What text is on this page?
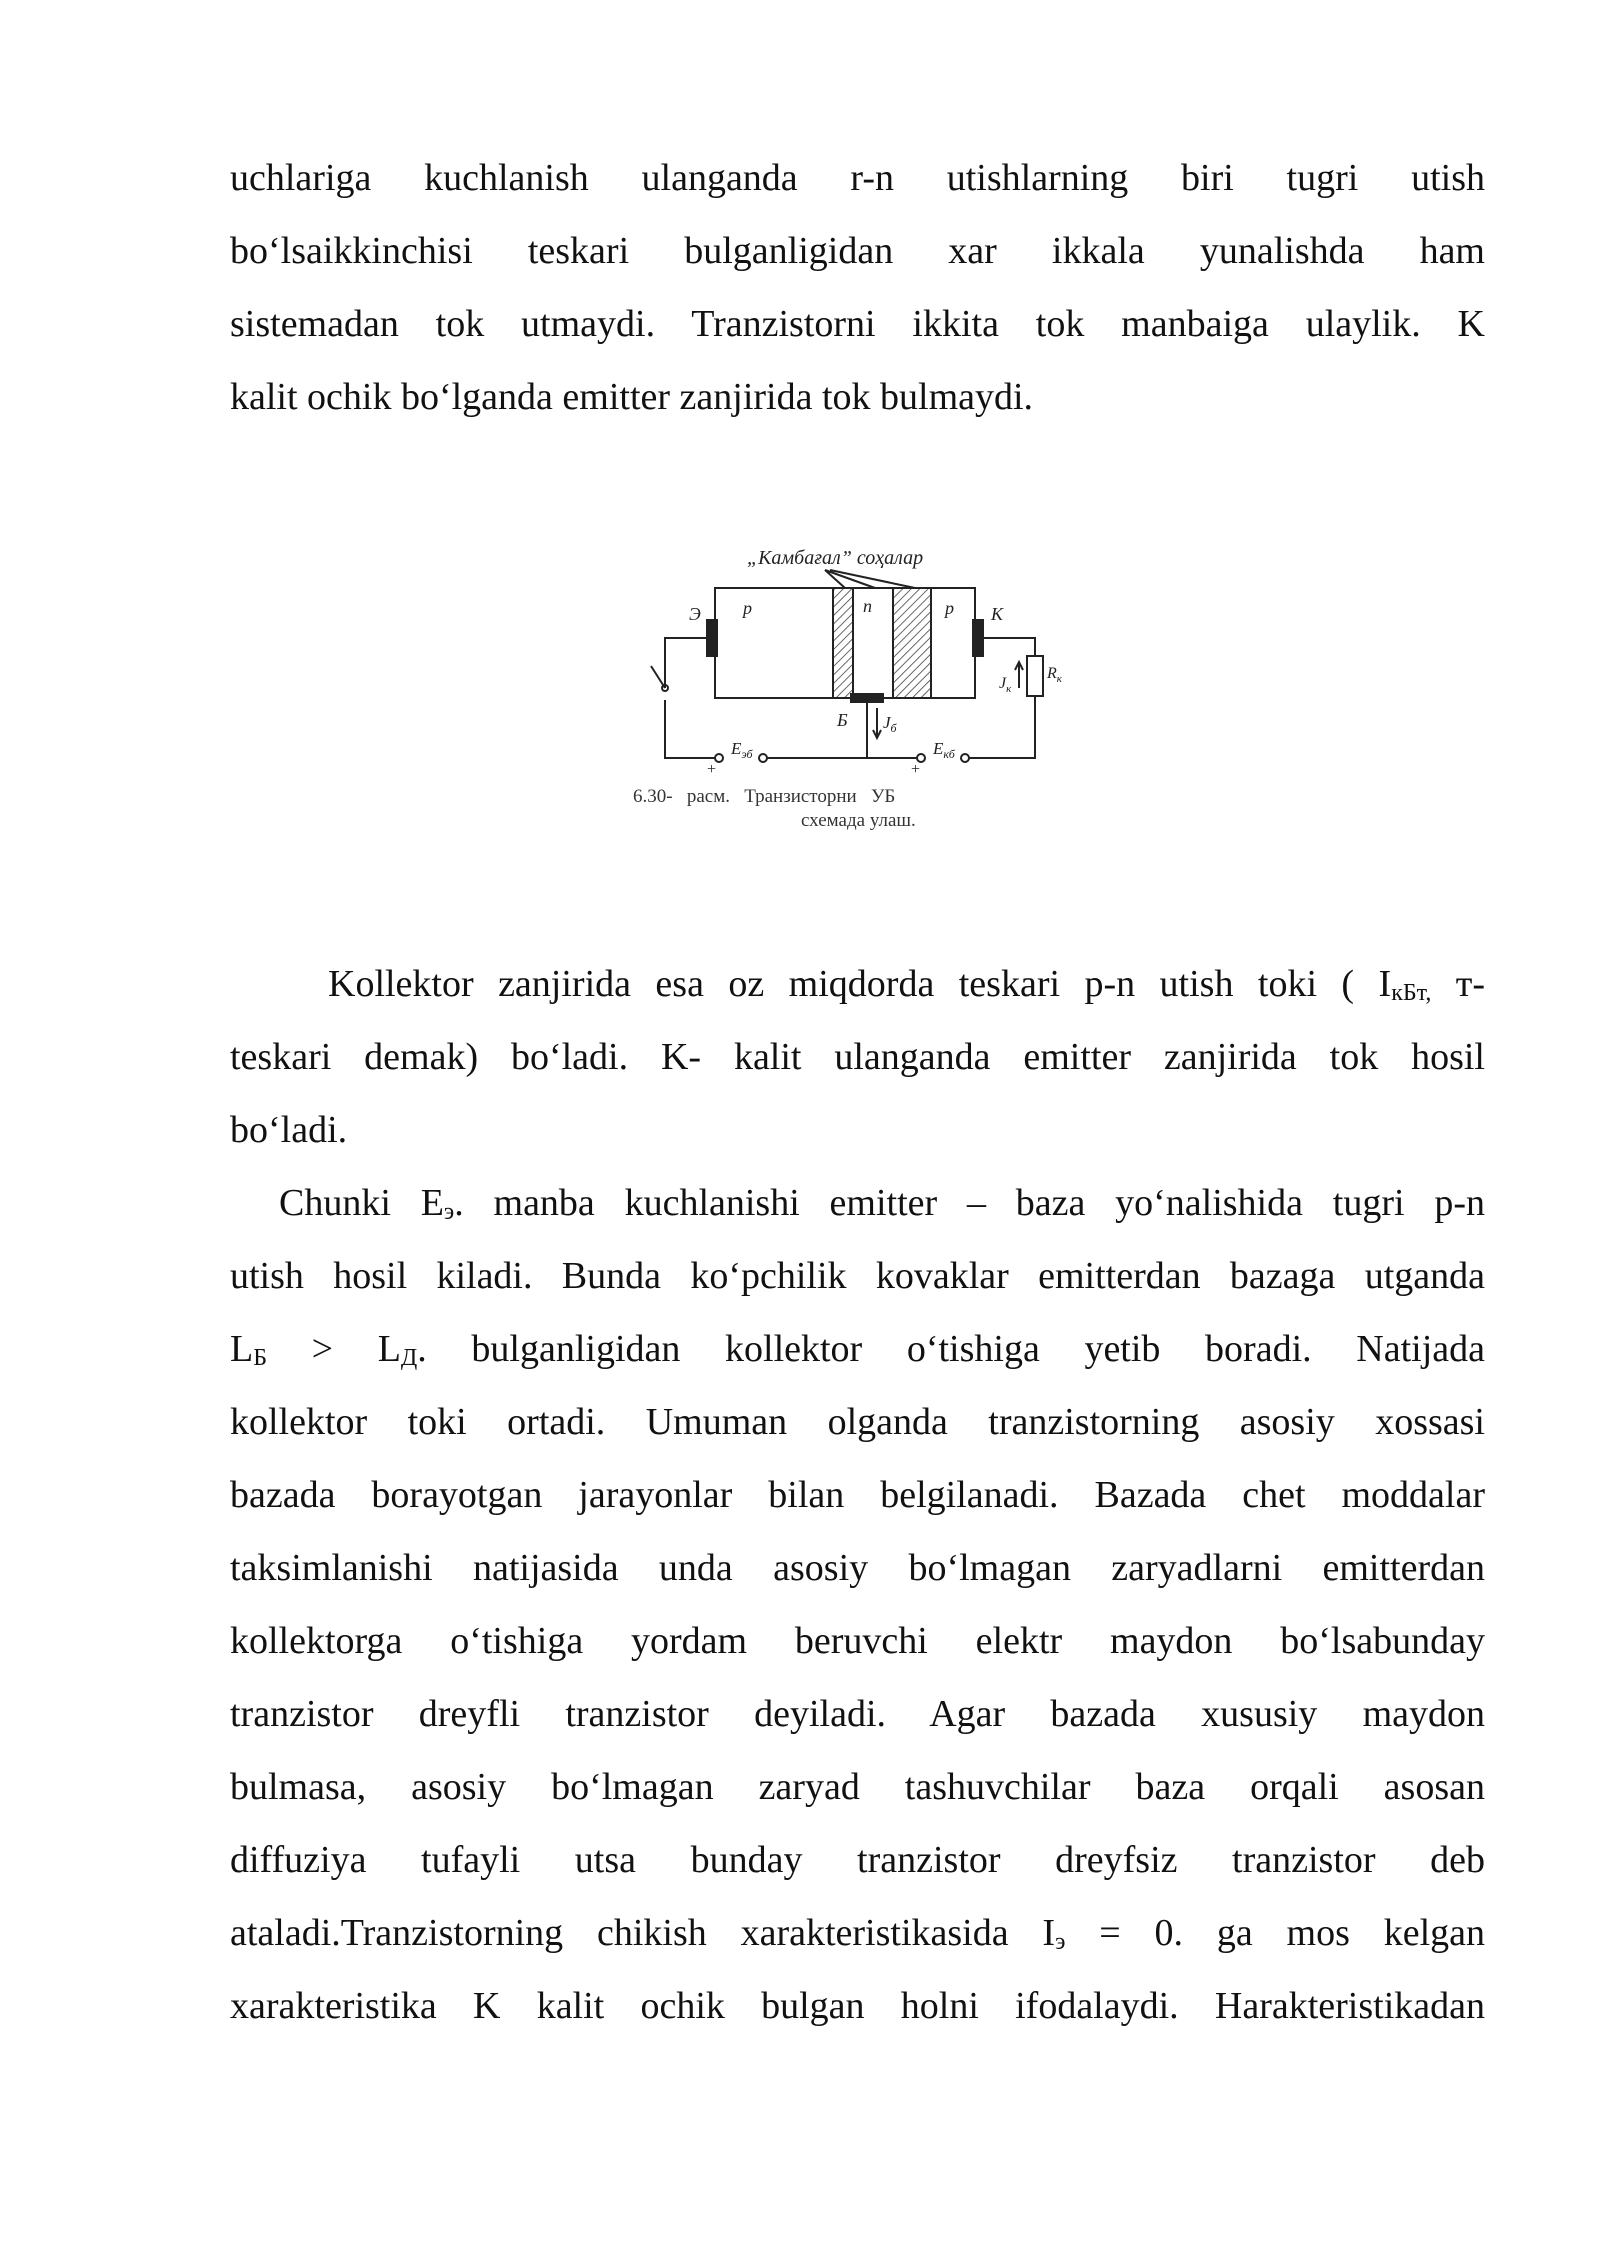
uchlariga kuchlanish ulanganda r-n utishlarning biri tugri utish
bo‘lsaikkinchisi teskari bulganligidan xar ikkala yunalishda ham
sistemadan tok utmaydi. Tranzistorni ikkita tok manbaiga ulaylik. K
kalit ochik bo‘lganda emitter zanjirida tok bulmaydi.
„Камбағал” соҳалар
р	п	р
Э	К
Б
+
$E_{эб}$
$Ј_б$
+
$E_{кб}$
$R_к$
$Ј_к$
6.30-   расм.   Транзисторни   УБ
схемада улаш.
Kollektor zanjirida esa oz miqdorda teskari p-n utish toki ( $I_{кБт,}$ т-
teskari demak) bo‘ladi. K- kalit ulanganda emitter zanjirida tok hosil
bo‘ladi.
Chunki $E_э$. manba kuchlanishi emitter – baza yo‘nalishida tugri p-n
utish hosil kiladi. Bunda ko‘pchilik kovaklar emitterdan bazaga utganda
$L_Б > L_Д$. bulganligidan kollektor o‘tishiga yetib boradi. Natijada
kollektor toki ortadi. Umuman olganda tranzistorning asosiy xossasi
bazada borayotgan jarayonlar bilan belgilanadi. Bazada chet moddalar
taksimlanishi natijasida unda asosiy bo‘lmagan zaryadlarni emitterdan
kollektorga o‘tishiga yordam beruvchi elektr maydon bo‘lsabunday
tranzistor dreyfli tranzistor deyiladi. Agar bazada xususiy maydon
bulmasa, asosiy bo‘lmagan zaryad tashuvchilar baza orqali asosan
diffuziya tufayli utsa bunday tranzistor dreyfsiz tranzistor deb
ataladi.Tranzistorning chikish xarakteristikasida $I_э = 0$. ga mos kelgan
xarakteristika K kalit ochik bulgan holni ifodalaydi. Harakteristikadan
